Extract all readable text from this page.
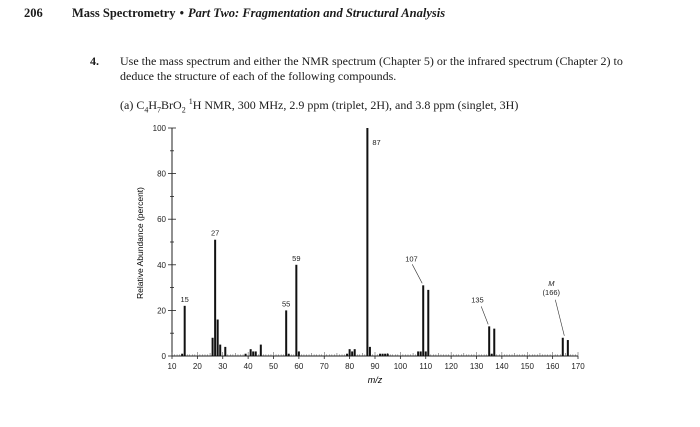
206 Mass Spectrometry • Part Two: Fragmentation and Structural Analysis
4. Use the mass spectrum and either the NMR spectrum (Chapter 5) or the infrared spectrum (Chapter 2) to deduce the structure of each of the following compounds.
(a) $C_4H_7BrO_2$ $^1$H NMR, 300 MHz, 2.9 ppm (triplet, 2H), and 3.8 ppm (singlet, 3H)
0
20
40
60
80
100
10 20 30 40 50 60 70 80 90 100 110 120 130 140 150 160 170
15
27
55
59
87
107
135
M
(166)
Relative Abundance (percent)
m/z
